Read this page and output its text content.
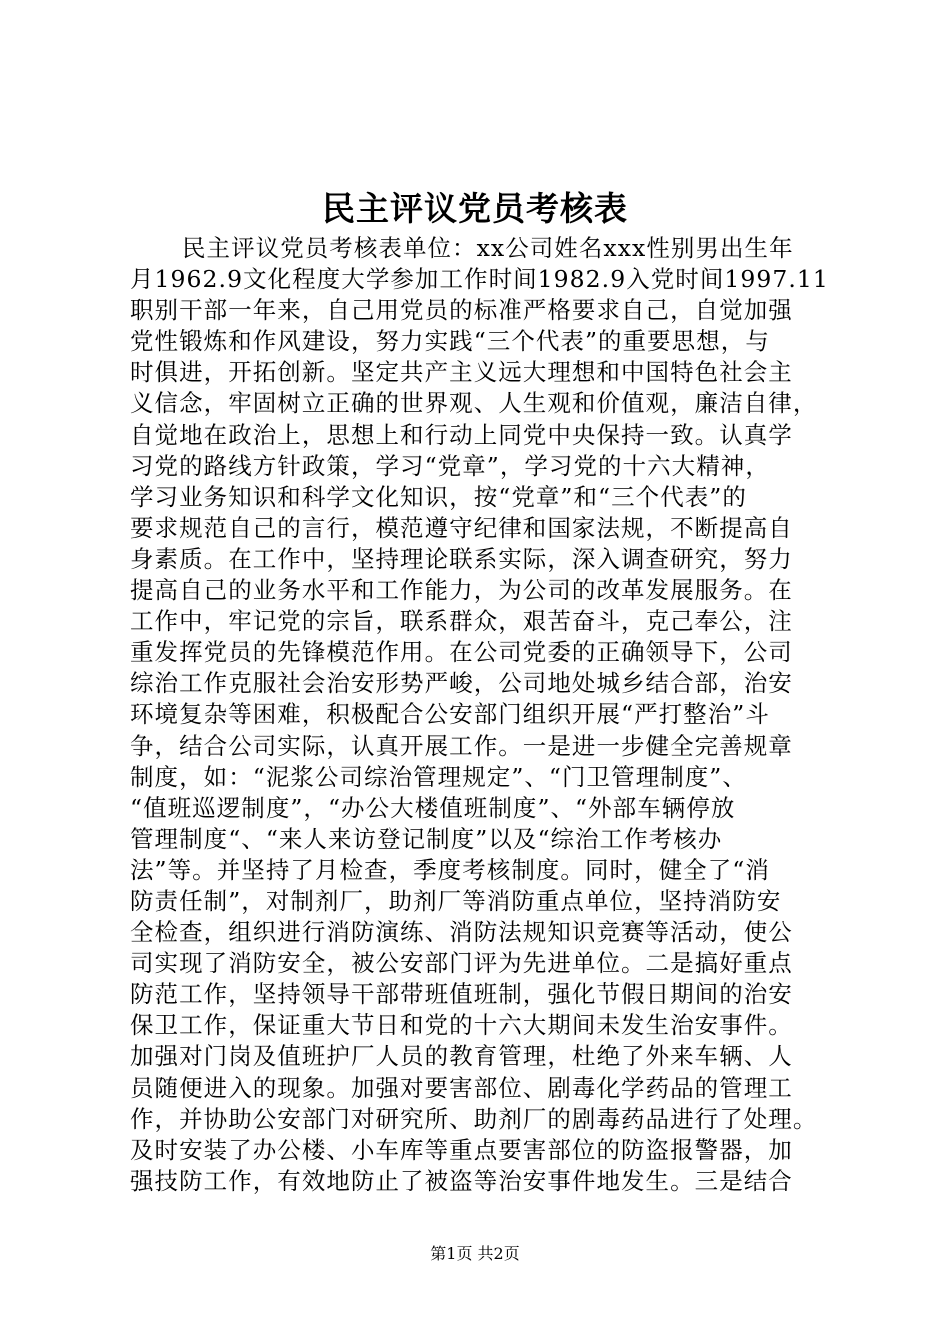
民主评议党员考核表
民主评议党员考核表单位：xx公司姓名xxx性别男出生年
月1962.9文化程度大学参加工作时间1982.9入党时间1997.11
职别干部一年来，自己用党员的标准严格要求自己，自觉加强
党性锻炼和作风建设，努力实践“三个代表”的重要思想，与
时俱进，开拓创新。坚定共产主义远大理想和中国特色社会主
义信念，牢固树立正确的世界观、人生观和价值观，廉洁自律，
自觉地在政治上，思想上和行动上同党中央保持一致。认真学
习党的路线方针政策，学习“党章”，学习党的十六大精神，
学习业务知识和科学文化知识，按“党章”和“三个代表”的
要求规范自己的言行，模范遵守纪律和国家法规，不断提高自
身素质。在工作中，坚持理论联系实际，深入调查研究，努力
提高自己的业务水平和工作能力，为公司的改革发展服务。在
工作中，牢记党的宗旨，联系群众，艰苦奋斗，克己奉公，注
重发挥党员的先锋模范作用。在公司党委的正确领导下，公司
综治工作克服社会治安形势严峻，公司地处城乡结合部，治安
环境复杂等困难，积极配合公安部门组织开展“严打整治”斗
争，结合公司实际，认真开展工作。一是进一步健全完善规章
制度，如：“泥浆公司综治管理规定”、“门卫管理制度”、
“值班巡逻制度”，“办公大楼值班制度”、“外部车辆停放
管理制度“、“来人来访登记制度”以及“综治工作考核办
法”等。并坚持了月检查，季度考核制度。同时，健全了“消
防责任制”，对制剂厂，助剂厂等消防重点单位，坚持消防安
全检查，组织进行消防演练、消防法规知识竞赛等活动，使公
司实现了消防安全，被公安部门评为先进单位。二是搞好重点
防范工作，坚持领导干部带班值班制，强化节假日期间的治安
保卫工作，保证重大节日和党的十六大期间未发生治安事件。
加强对门岗及值班护厂人员的教育管理，杜绝了外来车辆、人
员随便进入的现象。加强对要害部位、剧毒化学药品的管理工
作，并协助公安部门对研究所、助剂厂的剧毒药品进行了处理。
及时安装了办公楼、小车库等重点要害部位的防盗报警器，加
强技防工作，有效地防止了被盗等治安事件地发生。三是结合
第1页 共2页
